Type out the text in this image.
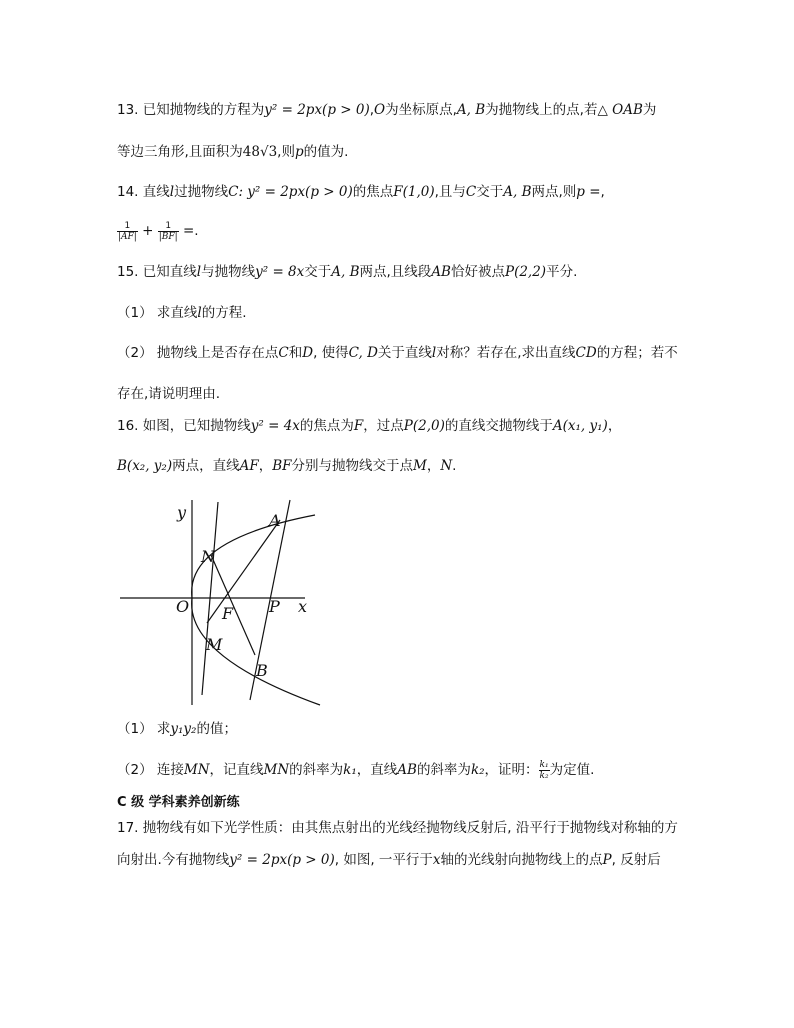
13. 已知抛物线的方程为y² = 2px(p > 0),O为坐标原点,A, B为抛物线上的点,若△ OAB为
等边三角形,且面积为48√3,则p的值为.
14. 直线l过抛物线C: y² = 2px(p > 0)的焦点F(1,0),且与C交于A, B两点,则p =,
$\frac{1}{|AF|} + \frac{1}{|BF|}$ =.
15. 已知直线l与抛物线y² = 8x交于A, B两点,且线段AB恰好被点P(2,2)平分.
（1） 求直线l的方程.
（2） 抛物线上是否存在点C和D, 使得C, D关于直线l对称？若存在,求出直线CD的方程；若不
存在,请说明理由.
16. 如图，已知抛物线y² = 4x的焦点为F，过点P(2,0)的直线交抛物线于A(x₁, y₁)，
B(x₂, y₂)两点，直线AF，BF分别与抛物线交于点M，N.
y
x
O
A
N
F P
M
B
（1） 求y₁y₂的值；
（2） 连接MN，记直线MN的斜率为k₁，直线AB的斜率为k₂，证明： $\frac{\text{k₁}}{\text{k₂}}$ 为定值.
C 级 学科素养创新练
17. 抛物线有如下光学性质：由其焦点射出的光线经抛物线反射后, 沿平行于抛物线对称轴的方
向射出.今有抛物线y² = 2px(p > 0), 如图, 一平行于x轴的光线射向抛物线上的点P, 反射后
